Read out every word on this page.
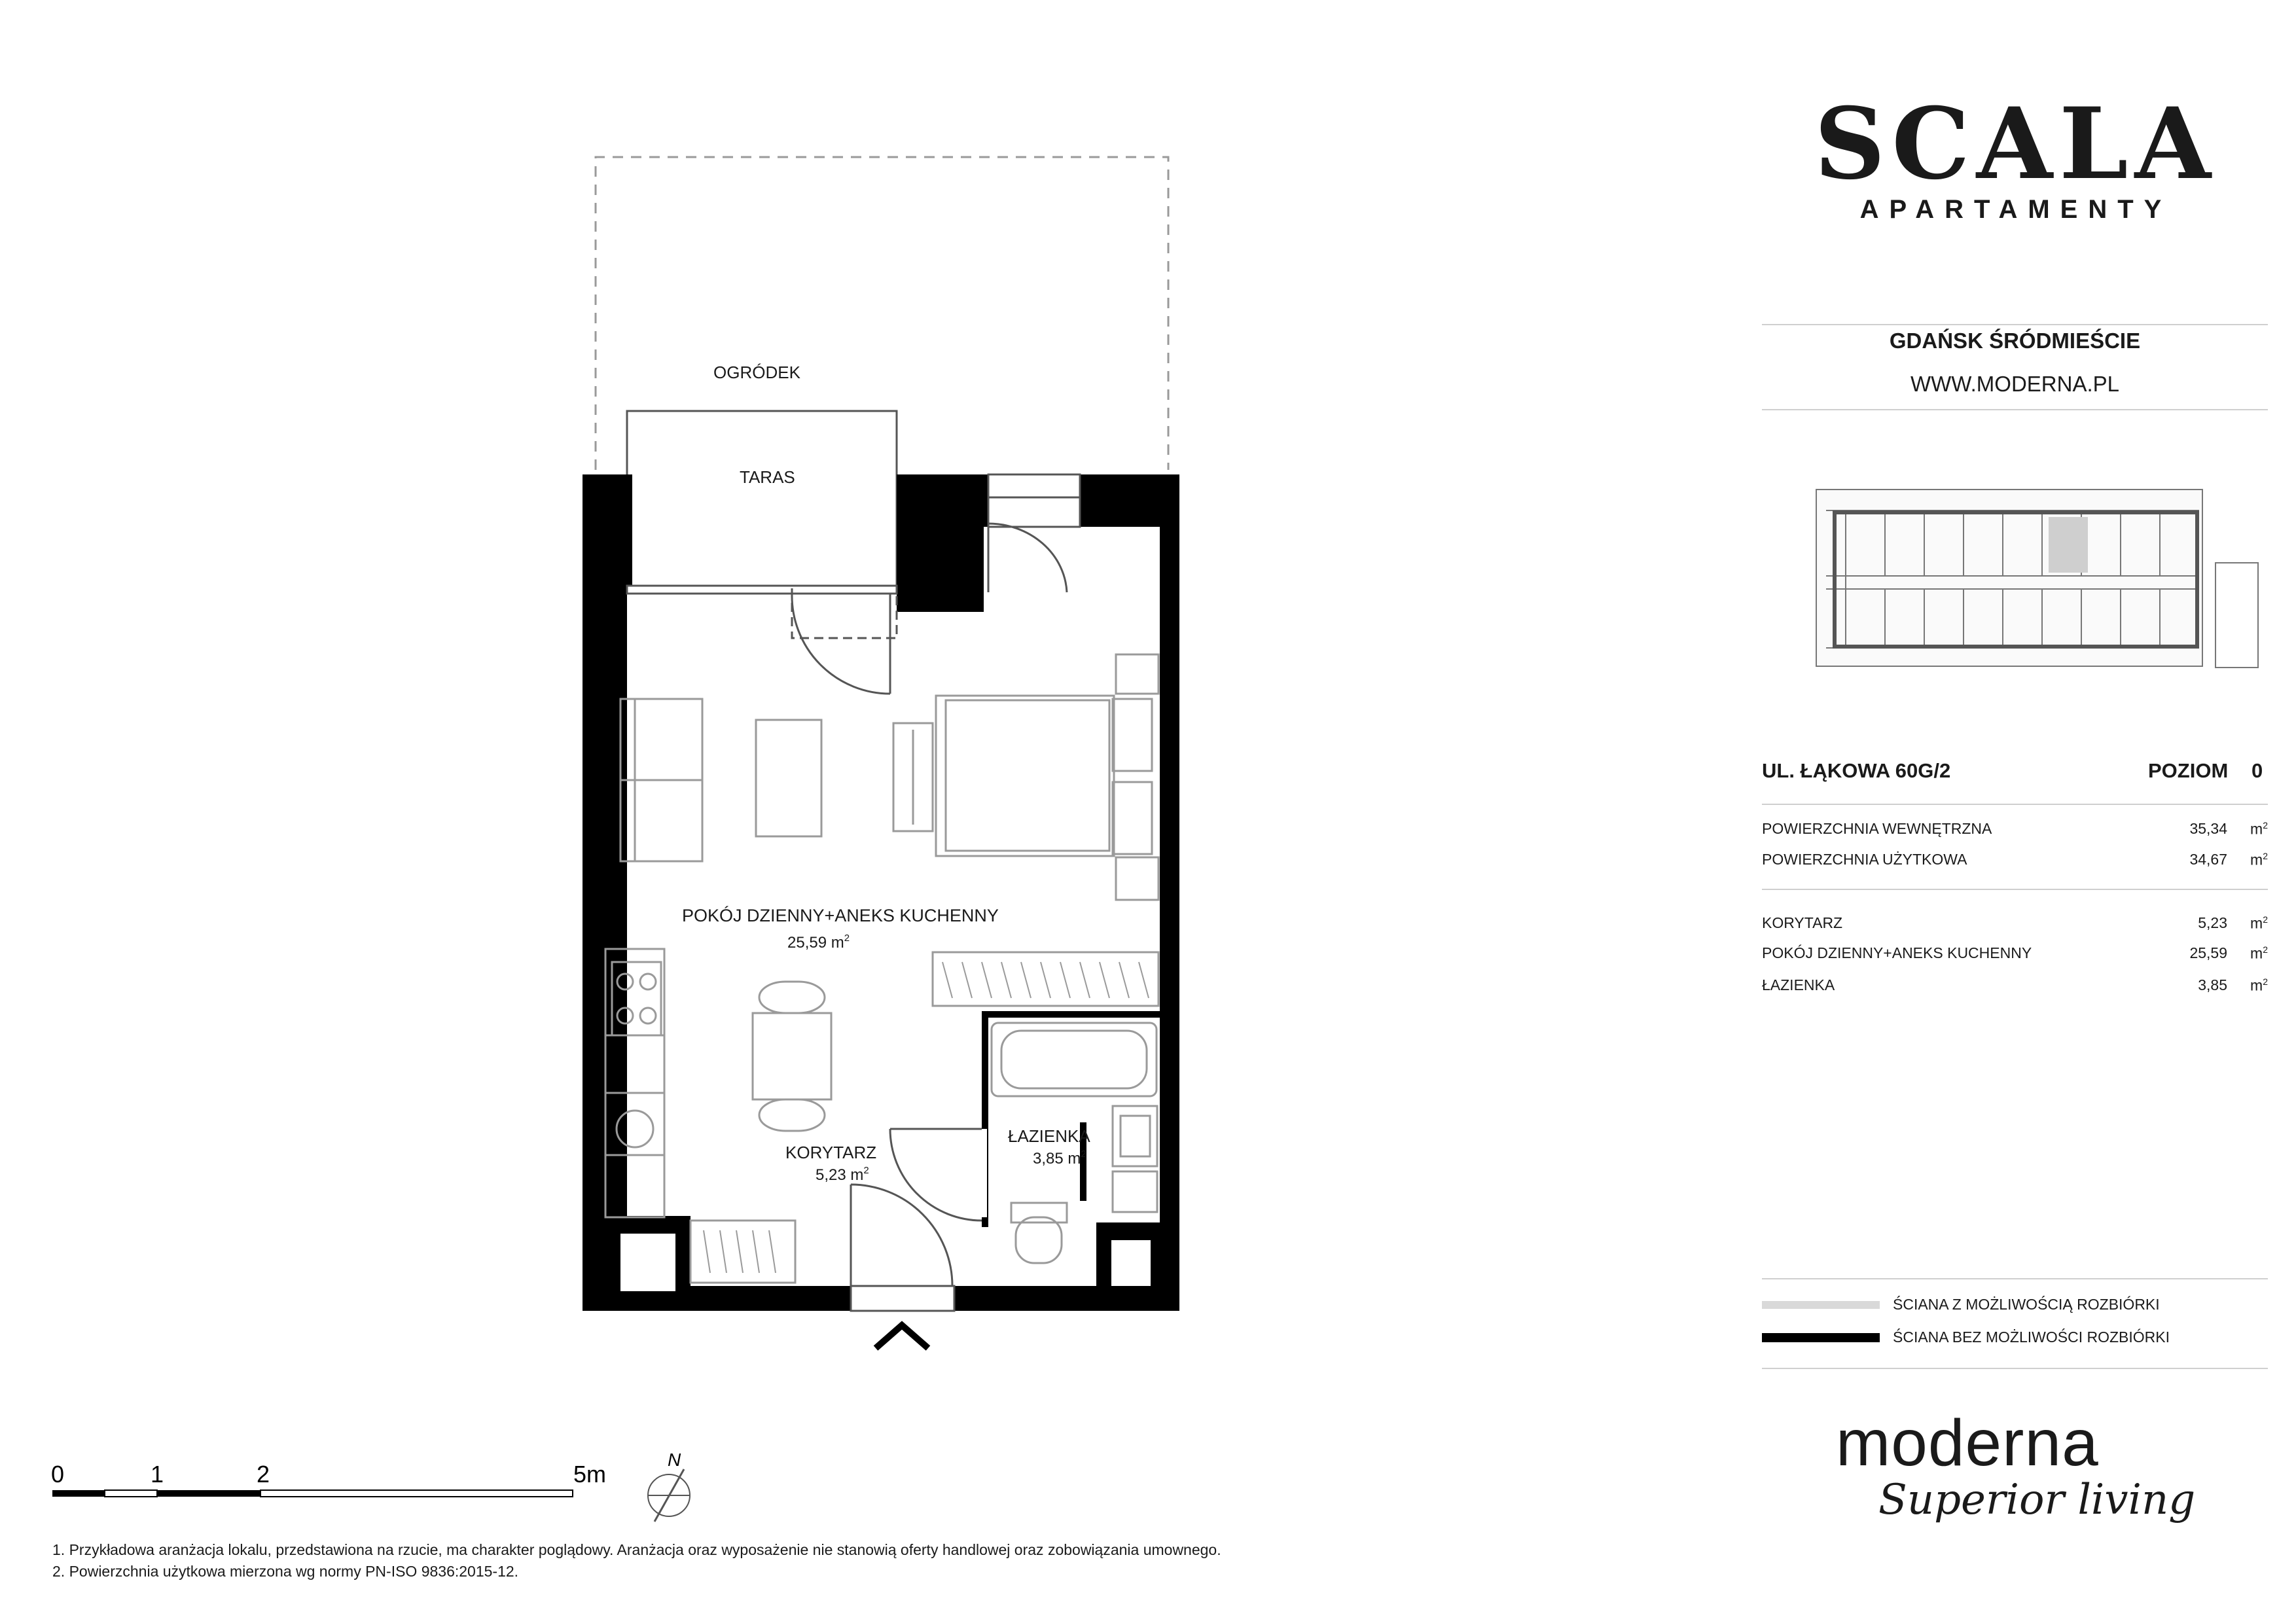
OGRÓDEK
TARAS
POKÓJ DZIENNY+ANEKS KUCHENNY
25,59 $m^2$
KORYTARZ
5,23 $m^2$
ŁAZIENKA
3,85 $m^2$
0	1	2	5m
N
SCALA
APARTAMENTY
GDAŃSK ŚRÓDMIEŚCIE
WWW.MODERNA.PL
UL. ŁĄKOWA 60G/2	POZIOM 0
POWIERZCHNIA WEWNĘTRZNA	35,34 $m^2$
POWIERZCHNIA UŻYTKOWA	34,67 $m^2$
KORYTARZ	5,23 $m^2$
POKÓJ DZIENNY+ANEKS KUCHENNY	25,59 $m^2$
ŁAZIENKA	3,85 $m^2$
ŚCIANA Z MOŻLIWOŚCIĄ ROZBIÓRKI
ŚCIANA BEZ MOŻLIWOŚCI ROZBIÓRKI
moderna
Superior living
1. Przykładowa aranżacja lokalu, przedstawiona na rzucie, ma charakter poglądowy. Aranżacja oraz wyposażenie nie stanowią oferty handlowej oraz zobowiązania umownego.
2. Powierzchnia użytkowa mierzona wg normy PN-ISO 9836:2015-12.
